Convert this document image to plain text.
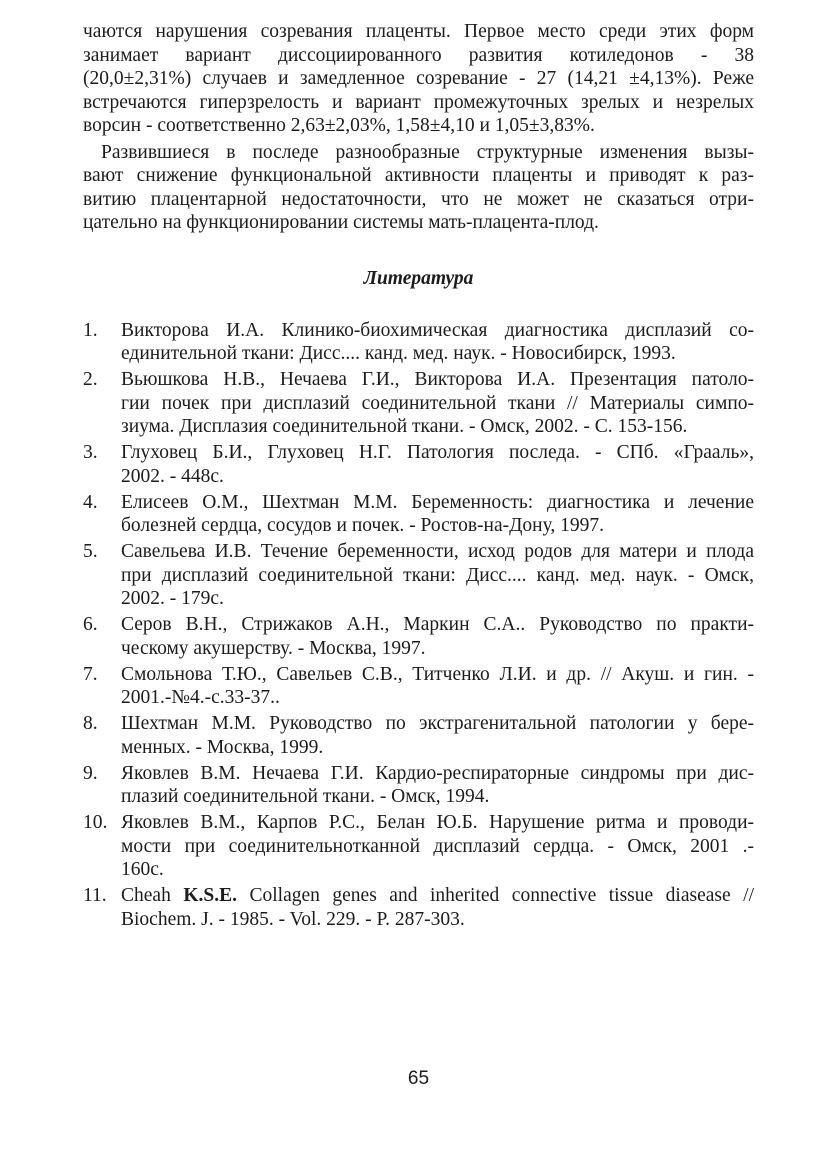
чаются нарушения созревания плаценты. Первое место среди этих форм
занимает вариант диссоциированного развития котиледонов - 38
(20,0±2,31%) случаев и замедленное созревание - 27 (14,21 ±4,13%). Реже
встречаются гиперзрелость и вариант промежуточных зрелых и незрелых
ворсин - соответственно 2,63±2,03%, 1,58±4,10 и 1,05±3,83%.

Развившиеся в последе разнообразные структурные изменения вызы-
вают снижение функциональной активности плаценты и приводят к раз-
витию плацентарной недостаточности, что не может не сказаться отри-
цательно на функционировании системы мать-плацента-плод.

Литература
1.	Викторова И.А. Клинико-биохимическая диагностика дисплазий со-
единительной ткани: Дисс.... канд. мед. наук. - Новосибирск, 1993.
2.	Вьюшкова Н.В., Нечаева Г.И., Викторова И.А. Презентация патоло-
гии почек при дисплазий соединительной ткани // Материалы симпо-
зиума. Дисплазия соединительной ткани. - Омск, 2002. - С. 153-156.
3.	Глуховец Б.И., Глуховец Н.Г. Патология последа. - СПб. «Грааль»,
2002. - 448с.
4.	Елисеев О.М., Шехтман М.М. Беременность: диагностика и лечение
болезней сердца, сосудов и почек. - Ростов-на-Дону, 1997.
5.	Савельева И.В. Течение беременности, исход родов для матери и плода
при дисплазий соединительной ткани: Дисс.... канд. мед. наук. - Омск,
2002. - 179с.
6.	Серов В.Н., Стрижаков А.Н., Маркин С.А.. Руководство по практи-
ческому акушерству. - Москва, 1997.
7.	Смольнова Т.Ю., Савельев С.В., Титченко Л.И. и др. // Акуш. и гин. -
2001.-№4.-с.33-37..
8.	Шехтман М.М. Руководство по экстрагенитальной патологии у бере-
менных. - Москва, 1999.
9.	Яковлев В.М. Нечаева Г.И. Кардио-респираторные синдромы при дис-
плазий соединительной ткани. - Омск, 1994.
10. Яковлев В.М., Карпов Р.С., Белан Ю.Б. Нарушение ритма и проводи-
мости при соединительнотканной дисплазий сердца. - Омск, 2001 .-
160с.
11. Cheah K.S.E. Collagen genes and inherited connective tissue diasease //
Biochem. J. - 1985. - Vol. 229. - P. 287-303.
65
